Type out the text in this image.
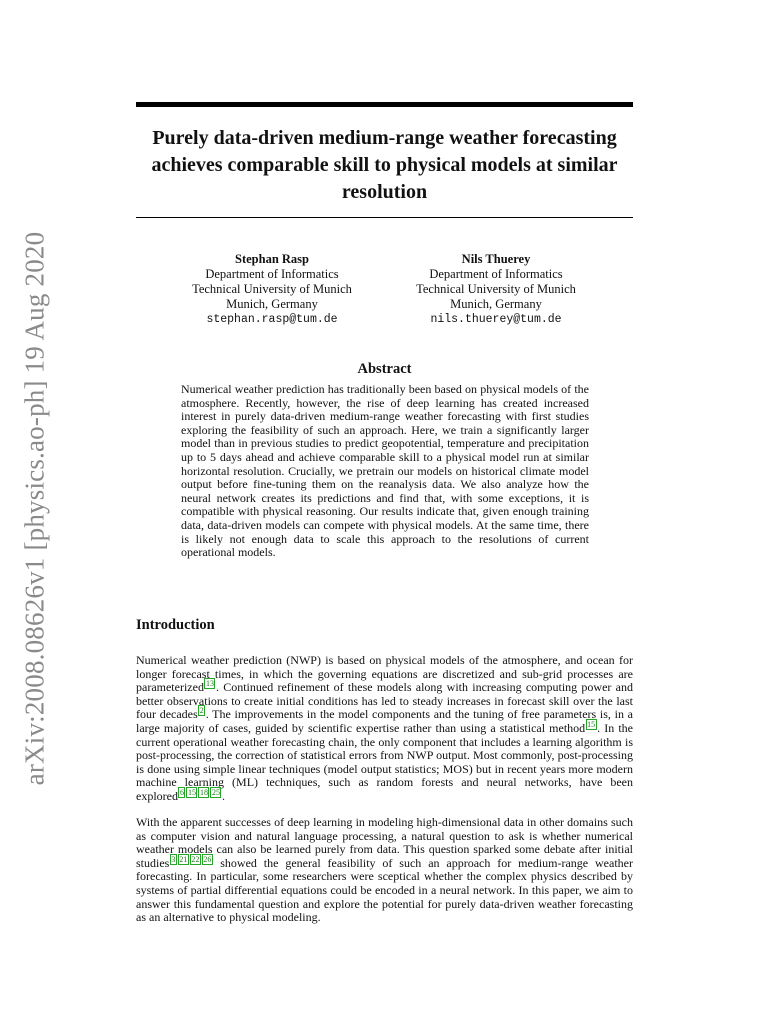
arXiv:2008.08626v1 [physics.ao-ph] 19 Aug 2020
Purely data-driven medium-range weather forecasting achieves comparable skill to physical models at similar resolution
Stephan Rasp
Department of Informatics
Technical University of Munich
Munich, Germany
stephan.rasp@tum.de
Nils Thuerey
Department of Informatics
Technical University of Munich
Munich, Germany
nils.thuerey@tum.de
Abstract
Numerical weather prediction has traditionally been based on physical models of the atmosphere. Recently, however, the rise of deep learning has created increased interest in purely data-driven medium-range weather forecasting with first studies exploring the feasibility of such an approach. Here, we train a significantly larger model than in previous studies to predict geopotential, temperature and precipitation up to 5 days ahead and achieve comparable skill to a physical model run at similar horizontal resolution. Crucially, we pretrain our models on historical climate model output before fine-tuning them on the reanalysis data. We also analyze how the neural network creates its predictions and find that, with some exceptions, it is compatible with physical reasoning. Our results indicate that, given enough training data, data-driven models can compete with physical models. At the same time, there is likely not enough data to scale this approach to the resolutions of current operational models.
Introduction
Numerical weather prediction (NWP) is based on physical models of the atmosphere, and ocean for longer forecast times, in which the governing equations are discretized and sub-grid processes are parameterized $^{13}$ . Continued refinement of these models along with increasing computing power and better observations to create initial conditions has led to steady increases in forecast skill over the last four decades $^2$ . The improvements in the model components and the tuning of free parameters is, in a large majority of cases, guided by scientific expertise rather than using a statistical method $^{15}$ . In the current operational weather forecasting chain, the only component that includes a learning algorithm is post-processing, the correction of statistical errors from NWP output. Most commonly, post-processing is done using simple linear techniques (model output statistics; MOS) but in recent years more modern machine learning (ML) techniques, such as random forests and neural networks, have been explored $^6$ $^{15}$ $^{18}$ $^{25}$ .
With the apparent successes of deep learning in modeling high-dimensional data in other domains such as computer vision and natural language processing, a natural question to ask is whether numerical weather models can also be learned purely from data. This question sparked some debate after initial studies $^3$ $^{21}$ $^{22}$ $^{26}$ showed the general feasibility of such an approach for medium-range weather forecasting. In particular, some researchers were sceptical whether the complex physics described by systems of partial differential equations could be encoded in a neural network. In this paper, we aim to answer this fundamental question and explore the potential for purely data-driven weather forecasting as an alternative to physical modeling.
